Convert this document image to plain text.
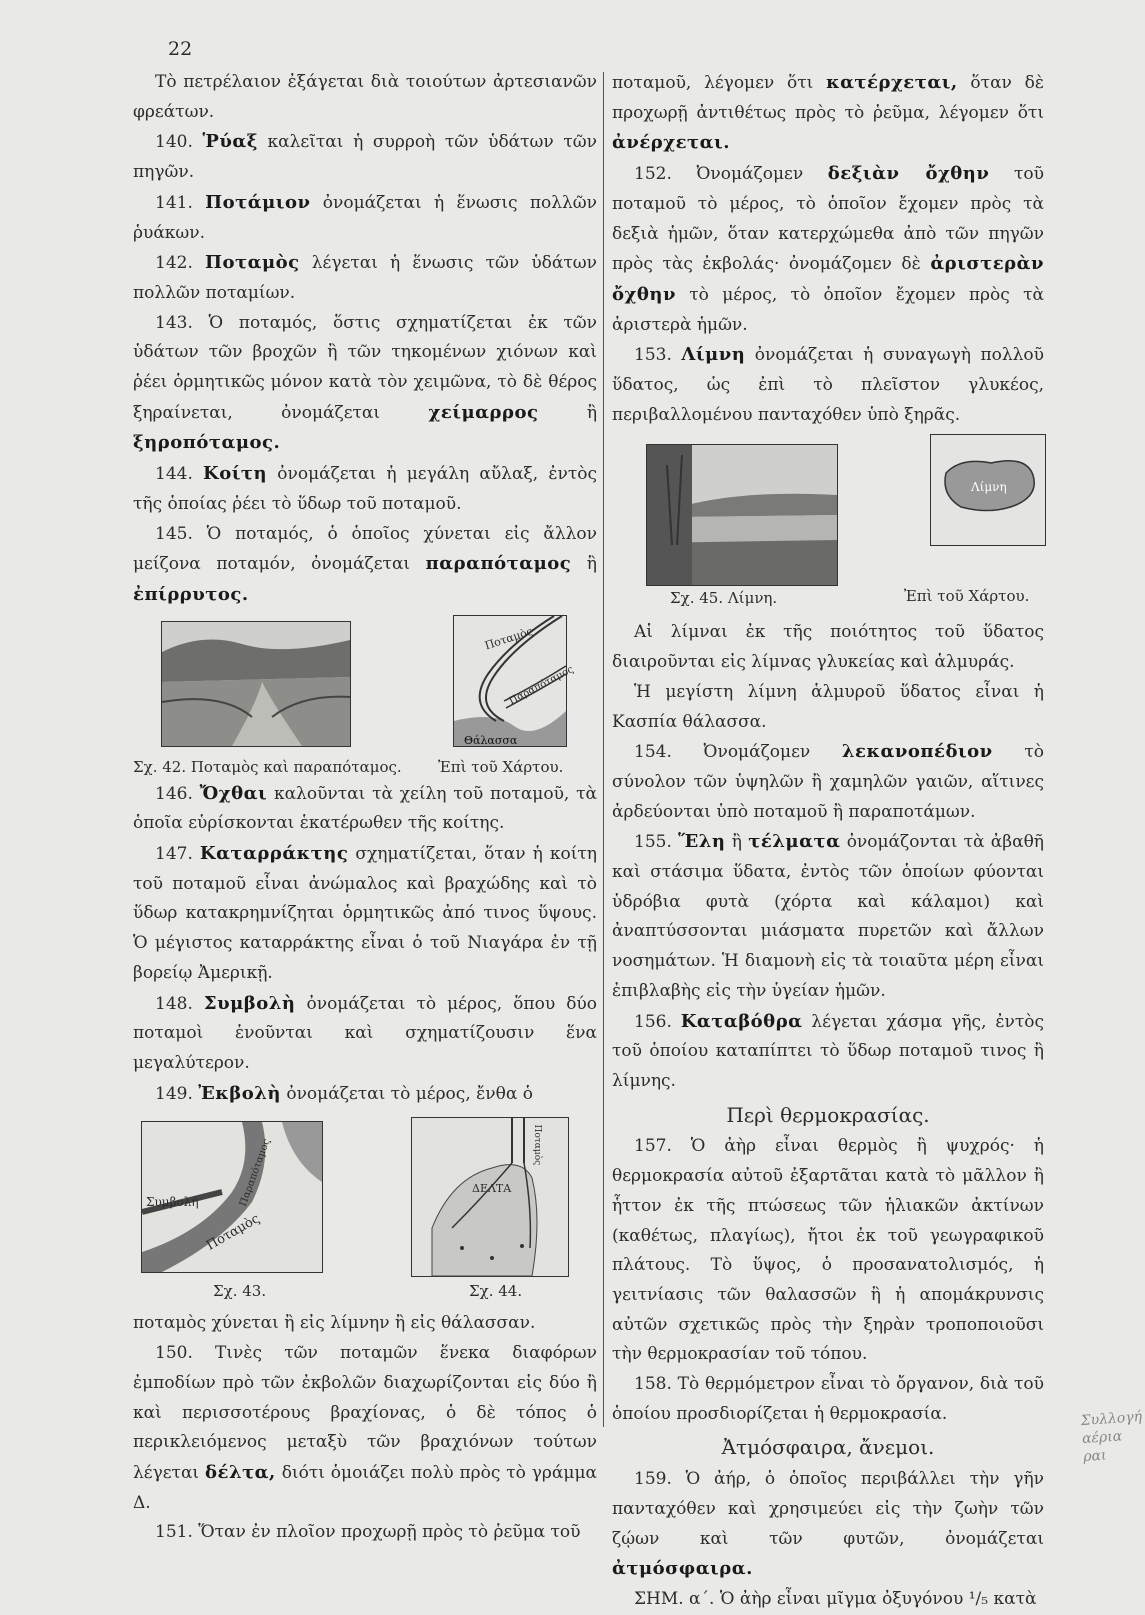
22

Τὸ πετρέλαιον ἐξάγεται διὰ τοιούτων ἀρτεσιανῶν φρεάτων.

140. Ῥύαξ καλεῖται ἡ συρροὴ τῶν ὑδάτων τῶν πηγῶν.

141. Ποτάμιον ὀνομάζεται ἡ ἕνωσις πολλῶν ῥυάκων.

142. Ποταμὸς λέγεται ἡ ἕνωσις τῶν ὑδάτων πολλῶν ποταμίων.

143. Ὁ ποταμός, ὅστις σχηματίζεται ἐκ τῶν ὑδάτων τῶν βροχῶν ἢ τῶν τηκομένων χιόνων καὶ ῥέει ὁρμητικῶς μόνον κατὰ τὸν χειμῶνα, τὸ δὲ θέρος ξηραίνεται, ὀνομάζεται χείμαρρος ἢ ξηροπόταμος.

144. Κοίτη ὀνομάζεται ἡ μεγάλη αὔλαξ, ἐντὸς τῆς ὁποίας ῥέει τὸ ὕδωρ τοῦ ποταμοῦ.

145. Ὁ ποταμός, ὁ ὁποῖος χύνεται εἰς ἄλλον μείζονα ποταμόν, ὀνομάζεται παραπόταμος ἢ ἐπίρρυτος.

Ποταμὸς
Παραπόταμος
Θάλασσα
Σχ. 42. Ποταμὸς καὶ παραπόταμος. Ἐπὶ τοῦ Χάρτου.

146. Ὄχθαι καλοῦνται τὰ χείλη τοῦ ποταμοῦ, τὰ ὁποῖα εὑρίσκονται ἑκατέρωθεν τῆς κοίτης.

147. Καταρράκτης σχηματίζεται, ὅταν ἡ κοίτη τοῦ ποταμοῦ εἶναι ἀνώμαλος καὶ βραχώδης καὶ τὸ ὕδωρ κατακρημνίζηται ὁρμητικῶς ἀπό τινος ὕψους. Ὁ μέγιστος καταρράκτης εἶναι ὁ τοῦ Νιαγάρα ἐν τῇ βορείῳ Ἀμερικῇ.

148. Συμβολὴ ὀνομάζεται τὸ μέρος, ὅπου δύο ποταμοὶ ἑνοῦνται καὶ σχηματίζουσιν ἕνα μεγαλύτερον.

149. Ἐκβολὴ ὀνομάζεται τὸ μέρος, ἔνθα ὁ

Συμβολὴ
Ποταμὸς
Παραπόταμος	ΔΕΛΤΑ
Ποταμὸς
Σχ. 43.	Σχ. 44.

ποταμὸς χύνεται ἢ εἰς λίμνην ἢ εἰς θάλασσαν.

150. Τινὲς τῶν ποταμῶν ἕνεκα διαφόρων ἐμποδίων πρὸ τῶν ἐκβολῶν διαχωρίζονται εἰς δύο ἢ καὶ περισσοτέρους βραχίονας, ὁ δὲ τόπος ὁ περικλειόμενος μεταξὺ τῶν βραχιόνων τούτων λέγεται δέλτα, διότι ὁμοιάζει πολὺ πρὸς τὸ γράμμα Δ.

151. Ὅταν ἐν πλοῖον προχωρῇ πρὸς τὸ ῥεῦμα τοῦ

ποταμοῦ, λέγομεν ὅτι κατέρχεται, ὅταν δὲ προχωρῇ ἀντιθέτως πρὸς τὸ ῥεῦμα, λέγομεν ὅτι ἀνέρχεται.

152. Ὀνομάζομεν δεξιὰν ὄχθην τοῦ ποταμοῦ τὸ μέρος, τὸ ὁποῖον ἔχομεν πρὸς τὰ δεξιὰ ἡμῶν, ὅταν κατερχώμεθα ἀπὸ τῶν πηγῶν πρὸς τὰς ἐκβολάς· ὀνομάζομεν δὲ ἀριστερὰν ὄχθην τὸ μέρος, τὸ ὁποῖον ἔχομεν πρὸς τὰ ἀριστερὰ ἡμῶν.

153. Λίμνη ὀνομάζεται ἡ συναγωγὴ πολλοῦ ὕδατος, ὡς ἐπὶ τὸ πλεῖστον γλυκέος, περιβαλλομένου πανταχόθεν ὑπὸ ξηρᾶς.

Λίμνη
Σχ. 45. Λίμνη.	Ἐπὶ τοῦ Χάρτου.

Αἱ λίμναι ἐκ τῆς ποιότητος τοῦ ὕδατος διαιροῦνται εἰς λίμνας γλυκείας καὶ ἁλμυράς.

Ἡ μεγίστη λίμνη ἁλμυροῦ ὕδατος εἶναι ἡ Κασπία θάλασσα.

154. Ὀνομάζομεν λεκανοπέδιον τὸ σύνολον τῶν ὑψηλῶν ἢ χαμηλῶν γαιῶν, αἵτινες ἀρδεύονται ὑπὸ ποταμοῦ ἢ παραποτάμων.

155. Ἕλη ἢ τέλματα ὀνομάζονται τὰ ἀβαθῆ καὶ στάσιμα ὕδατα, ἐντὸς τῶν ὁποίων φύονται ὑδρόβια φυτὰ (χόρτα καὶ κάλαμοι) καὶ ἀναπτύσσονται μιάσματα πυρετῶν καὶ ἄλλων νοσημάτων. Ἡ διαμονὴ εἰς τὰ τοιαῦτα μέρη εἶναι ἐπιβλαβὴς εἰς τὴν ὑγείαν ἡμῶν.

156. Καταβόθρα λέγεται χάσμα γῆς, ἐντὸς τοῦ ὁποίου καταπίπτει τὸ ὕδωρ ποταμοῦ τινος ἢ λίμνης.

Περὶ θερμοκρασίας.

157. Ὁ ἀὴρ εἶναι θερμὸς ἢ ψυχρός· ἡ θερμοκρασία αὐτοῦ ἐξαρτᾶται κατὰ τὸ μᾶλλον ἢ ἧττον ἐκ τῆς πτώσεως τῶν ἡλιακῶν ἀκτίνων (καθέτως, πλαγίως), ἤτοι ἐκ τοῦ γεωγραφικοῦ πλάτους. Τὸ ὕψος, ὁ προσανατολισμός, ἡ γειτνίασις τῶν θαλασσῶν ἢ ἡ απομάκρυνσις αὐτῶν σχετικῶς πρὸς τὴν ξηρὰν τροποποιοῦσι τὴν θερμοκρασίαν τοῦ τόπου.

158. Τὸ θερμόμετρον εἶναι τὸ ὄργανον, διὰ τοῦ ὁποίου προσδιορίζεται ἡ θερμοκρασία.

Ἀτμόσφαιρα, ἄνεμοι.

159. Ὁ ἀήρ, ὁ ὁποῖος περιβάλλει τὴν γῆν πανταχόθεν καὶ χρησιμεύει εἰς τὴν ζωὴν τῶν ζῴων καὶ τῶν φυτῶν, ὀνομάζεται ἀτμόσφαιρα.

ΣΗΜ. α΄. Ὁ ἀὴρ εἶναι μῖγμα ὀξυγόνου ¹/₅ κατὰ

Συλλογή αέρια ραι
